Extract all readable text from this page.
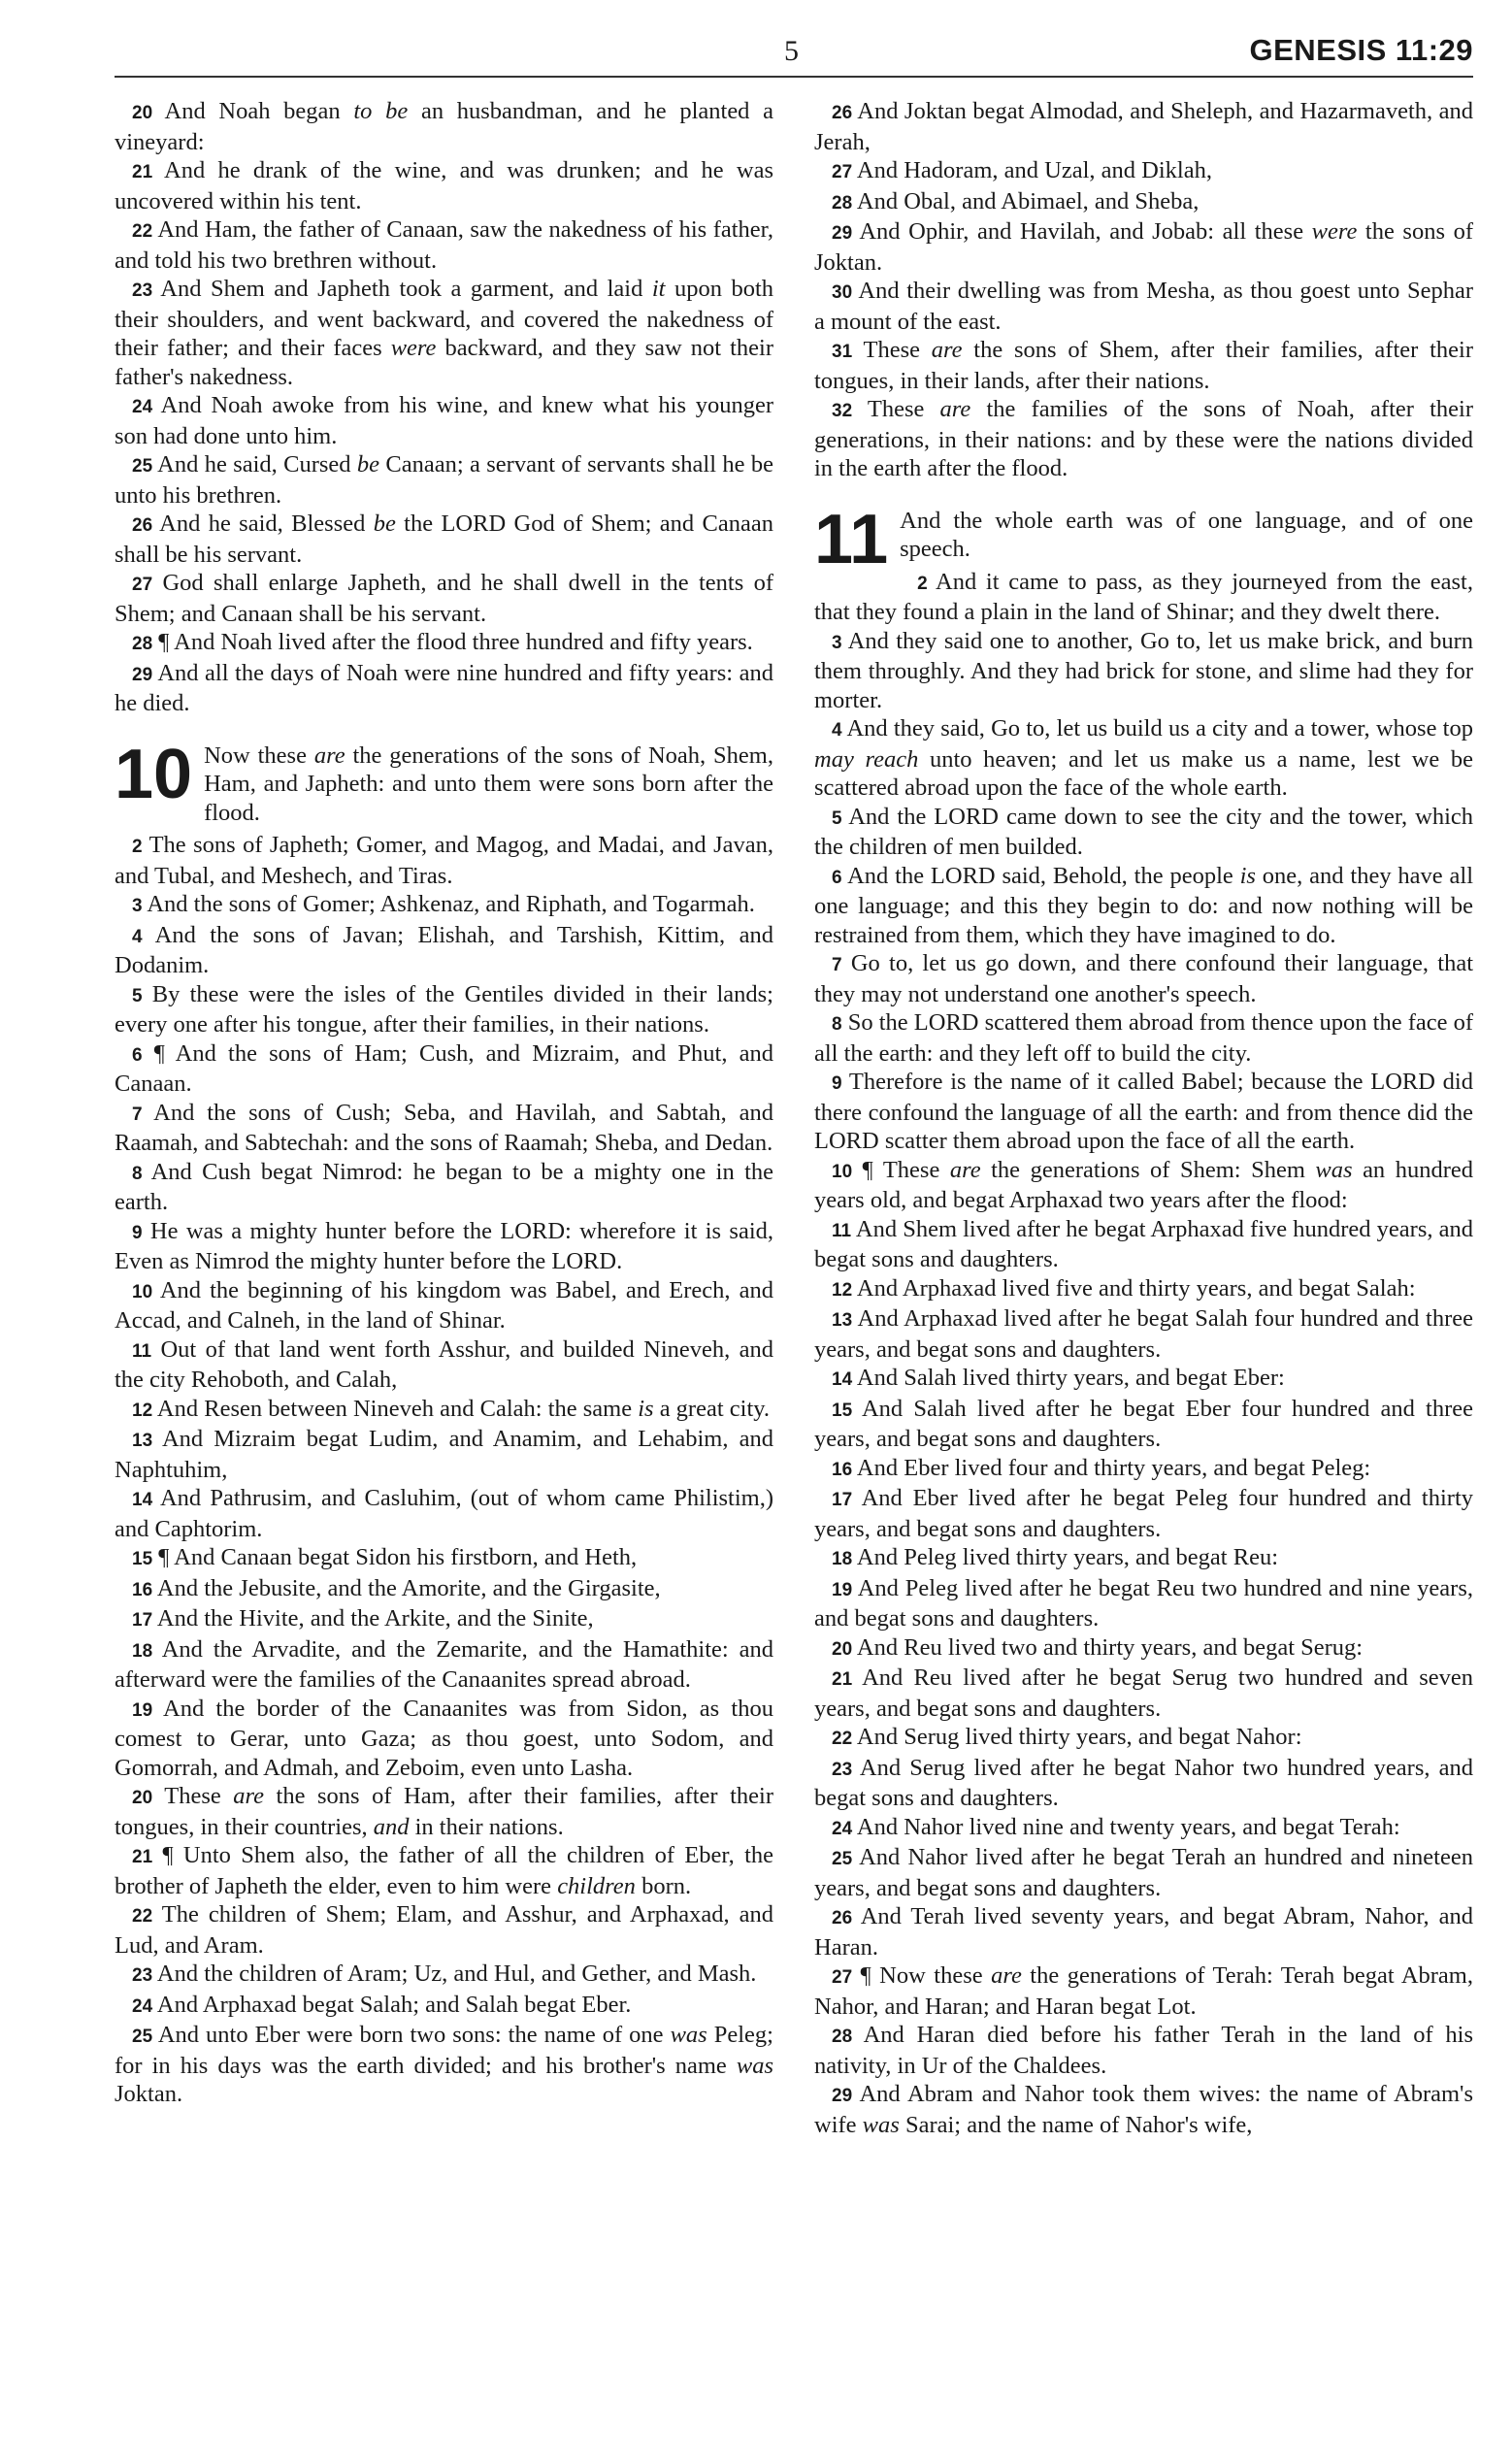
5	GENESIS 11:29

20 And Noah began to be an husbandman, and he planted a vineyard:

21 And he drank of the wine, and was drunken; and he was uncovered within his tent.

22 And Ham, the father of Canaan, saw the nakedness of his father, and told his two brethren without.

23 And Shem and Japheth took a garment, and laid it upon both their shoulders, and went backward, and covered the nakedness of their father; and their faces were backward, and they saw not their father's nakedness.

24 And Noah awoke from his wine, and knew what his younger son had done unto him.

25 And he said, Cursed be Canaan; a servant of servants shall he be unto his brethren.

26 And he said, Blessed be the LORD God of Shem; and Canaan shall be his servant.

27 God shall enlarge Japheth, and he shall dwell in the tents of Shem; and Canaan shall be his servant.

28 ¶ And Noah lived after the flood three hundred and fifty years.

29 And all the days of Noah were nine hundred and fifty years: and he died.

10 Now these are the generations of the sons of Noah, Shem, Ham, and Japheth: and unto them were sons born after the flood.

2 The sons of Japheth; Gomer, and Magog, and Madai, and Javan, and Tubal, and Meshech, and Tiras.

3 And the sons of Gomer; Ashkenaz, and Riphath, and Togarmah.

4 And the sons of Javan; Elishah, and Tarshish, Kittim, and Dodanim.

5 By these were the isles of the Gentiles divided in their lands; every one after his tongue, after their families, in their nations.

6 ¶ And the sons of Ham; Cush, and Mizraim, and Phut, and Canaan.

7 And the sons of Cush; Seba, and Havilah, and Sabtah, and Raamah, and Sabtechah: and the sons of Raamah; Sheba, and Dedan.

8 And Cush begat Nimrod: he began to be a mighty one in the earth.

9 He was a mighty hunter before the LORD: wherefore it is said, Even as Nimrod the mighty hunter before the LORD.

10 And the beginning of his kingdom was Babel, and Erech, and Accad, and Calneh, in the land of Shinar.

11 Out of that land went forth Asshur, and builded Nineveh, and the city Rehoboth, and Calah,

12 And Resen between Nineveh and Calah: the same is a great city.

13 And Mizraim begat Ludim, and Anamim, and Lehabim, and Naphtuhim,

14 And Pathrusim, and Casluhim, (out of whom came Philistim,) and Caphtorim.

15 ¶ And Canaan begat Sidon his firstborn, and Heth,

16 And the Jebusite, and the Amorite, and the Girgasite,

17 And the Hivite, and the Arkite, and the Sinite,

18 And the Arvadite, and the Zemarite, and the Hamathite: and afterward were the families of the Canaanites spread abroad.

19 And the border of the Canaanites was from Sidon, as thou comest to Gerar, unto Gaza; as thou goest, unto Sodom, and Gomorrah, and Admah, and Zeboim, even unto Lasha.

20 These are the sons of Ham, after their families, after their tongues, in their countries, and in their nations.

21 ¶ Unto Shem also, the father of all the children of Eber, the brother of Japheth the elder, even to him were children born.

22 The children of Shem; Elam, and Asshur, and Arphaxad, and Lud, and Aram.

23 And the children of Aram; Uz, and Hul, and Gether, and Mash.

24 And Arphaxad begat Salah; and Salah begat Eber.

25 And unto Eber were born two sons: the name of one was Peleg; for in his days was the earth divided; and his brother's name was Joktan.

26 And Joktan begat Almodad, and Sheleph, and Hazarmaveth, and Jerah,

27 And Hadoram, and Uzal, and Diklah,

28 And Obal, and Abimael, and Sheba,

29 And Ophir, and Havilah, and Jobab: all these were the sons of Joktan.

30 And their dwelling was from Mesha, as thou goest unto Sephar a mount of the east.

31 These are the sons of Shem, after their families, after their tongues, in their lands, after their nations.

32 These are the families of the sons of Noah, after their generations, in their nations: and by these were the nations divided in the earth after the flood.

11 And the whole earth was of one language, and of one speech.

2 And it came to pass, as they journeyed from the east, that they found a plain in the land of Shinar; and they dwelt there.

3 And they said one to another, Go to, let us make brick, and burn them throughly. And they had brick for stone, and slime had they for morter.

4 And they said, Go to, let us build us a city and a tower, whose top may reach unto heaven; and let us make us a name, lest we be scattered abroad upon the face of the whole earth.

5 And the LORD came down to see the city and the tower, which the children of men builded.

6 And the LORD said, Behold, the people is one, and they have all one language; and this they begin to do: and now nothing will be restrained from them, which they have imagined to do.

7 Go to, let us go down, and there confound their language, that they may not understand one another's speech.

8 So the LORD scattered them abroad from thence upon the face of all the earth: and they left off to build the city.

9 Therefore is the name of it called Babel; because the LORD did there confound the language of all the earth: and from thence did the LORD scatter them abroad upon the face of all the earth.

10 ¶ These are the generations of Shem: Shem was an hundred years old, and begat Arphaxad two years after the flood:

11 And Shem lived after he begat Arphaxad five hundred years, and begat sons and daughters.

12 And Arphaxad lived five and thirty years, and begat Salah:

13 And Arphaxad lived after he begat Salah four hundred and three years, and begat sons and daughters.

14 And Salah lived thirty years, and begat Eber:

15 And Salah lived after he begat Eber four hundred and three years, and begat sons and daughters.

16 And Eber lived four and thirty years, and begat Peleg:

17 And Eber lived after he begat Peleg four hundred and thirty years, and begat sons and daughters.

18 And Peleg lived thirty years, and begat Reu:

19 And Peleg lived after he begat Reu two hundred and nine years, and begat sons and daughters.

20 And Reu lived two and thirty years, and begat Serug:

21 And Reu lived after he begat Serug two hundred and seven years, and begat sons and daughters.

22 And Serug lived thirty years, and begat Nahor:

23 And Serug lived after he begat Nahor two hundred years, and begat sons and daughters.

24 And Nahor lived nine and twenty years, and begat Terah:

25 And Nahor lived after he begat Terah an hundred and nineteen years, and begat sons and daughters.

26 And Terah lived seventy years, and begat Abram, Nahor, and Haran.

27 ¶ Now these are the generations of Terah: Terah begat Abram, Nahor, and Haran; and Haran begat Lot.

28 And Haran died before his father Terah in the land of his nativity, in Ur of the Chaldees.

29 And Abram and Nahor took them wives: the name of Abram's wife was Sarai; and the name of Nahor's wife,
